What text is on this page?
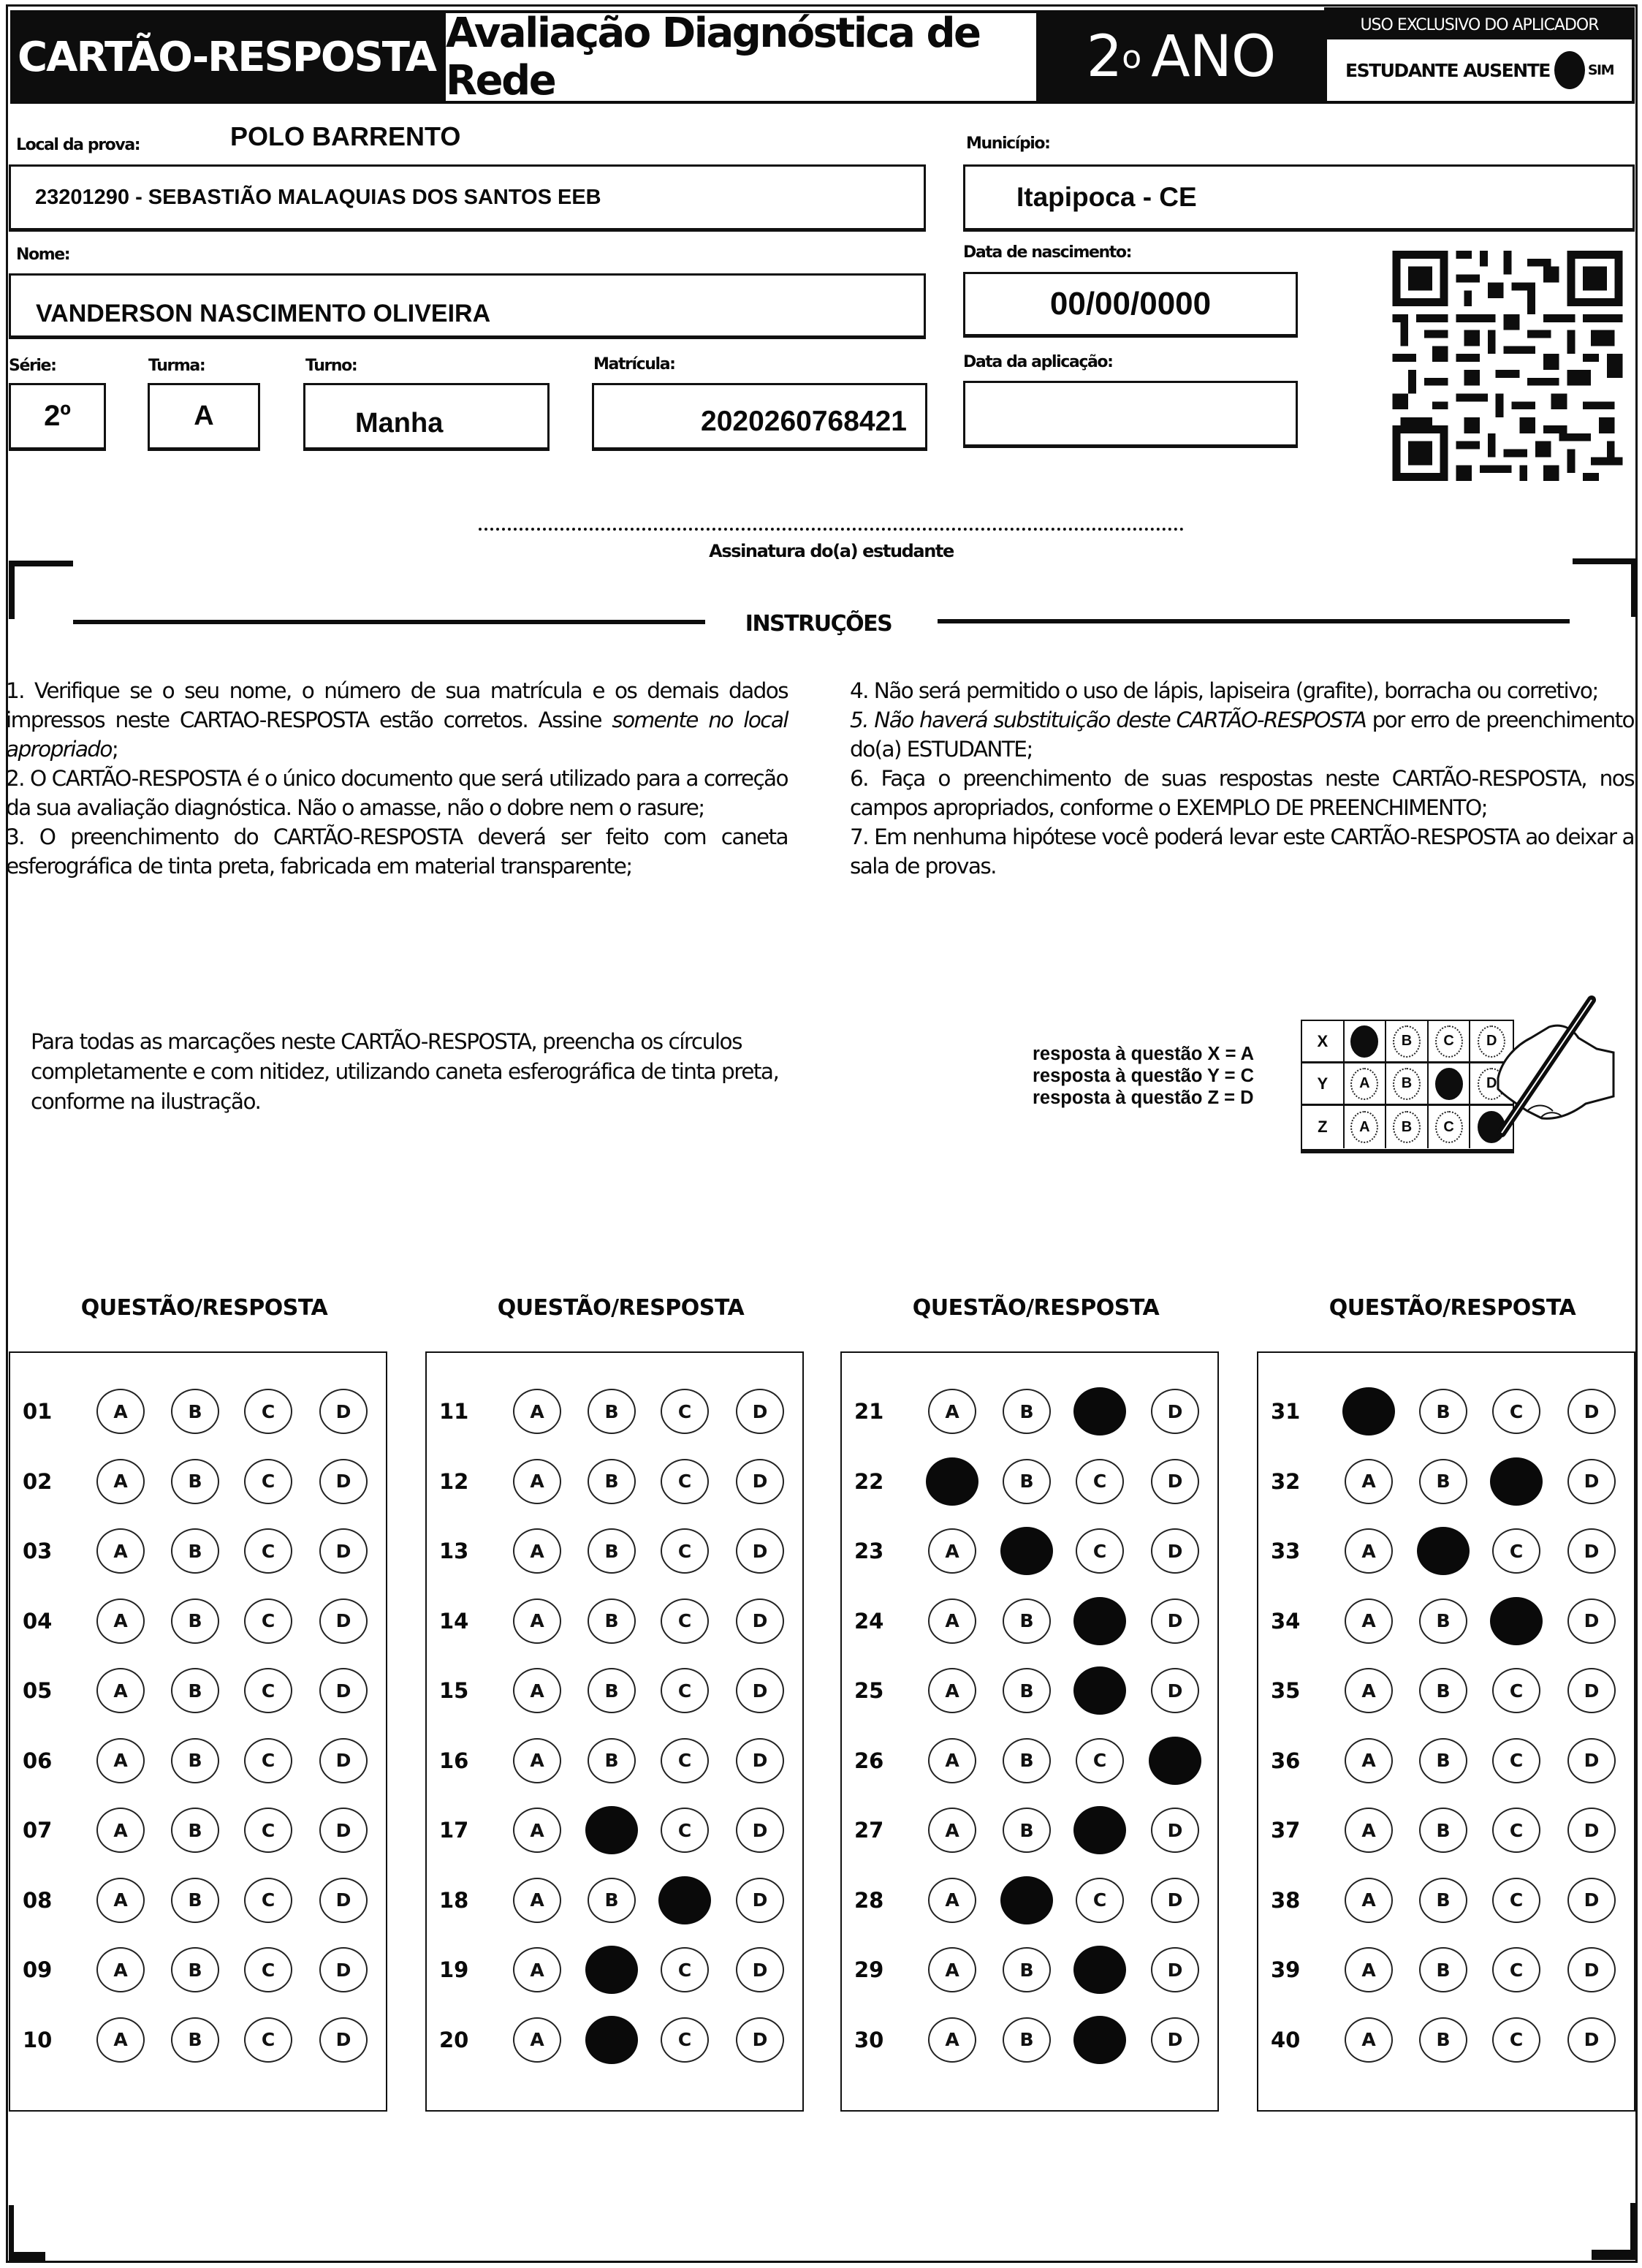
CARTÃO-RESPOSTA Avaliação Diagnóstica de Rede	2 o ANO	USO EXCLUSIVO DO APLICADOR
ESTUDANTE AUSENTE	SIM
Local da prova:	POLO BARRENTO
23201290 - SEBASTIÃO MALAQUIAS DOS SANTOS EEB
Município:
Itapipoca - CE
Nome:
VANDERSON NASCIMENTO OLIVEIRA
Data de nascimento:
00/00/0000
Data da aplicação:
Série:
2º
Turma:
A
Turno:
Manha
Matrícula:
2020260768421
Assinatura do(a) estudante
INSTRUÇÕES

1. Verifique se o seu nome, o número de sua matrícula e os demais dados impressos neste CARTAO-RESPOSTA estão corretos. Assine somente no local apropriado;

2. O CARTÃO-RESPOSTA é o único documento que será utilizado para a correção da sua avaliação diagnóstica. Não o amasse, não o dobre nem o rasure;

3. O preenchimento do CARTÃO-RESPOSTA deverá ser feito com caneta esferográfica de tinta preta, fabricada em material transparente;

4. Não será permitido o uso de lápis, lapiseira (grafite), borracha ou corretivo;

5. Não haverá substituição deste CARTÃO-RESPOSTA por erro de preenchimento do(a) ESTUDANTE;

6. Faça o preenchimento de suas respostas neste CARTÃO-RESPOSTA, nos campos apropriados, conforme o EXEMPLO DE PREENCHIMENTO;

7. Em nenhuma hipótese você poderá levar este CARTÃO-RESPOSTA ao deixar a sala de provas.

Para todas as marcações neste CARTÃO-RESPOSTA, preencha os círculos completamente e com nitidez, utilizando caneta esferográfica de tinta preta, conforme na ilustração.
resposta à questão X = A
resposta à questão Y = C
resposta à questão Z = D
X	B	C	D
Y	A	B	D
Z	A	B	C
QUESTÃO/RESPOSTA
01	A	B	C	D
02	A	B	C	D
03	A	B	C	D
04	A	B	C	D
05	A	B	C	D
06	A	B	C	D
07	A	B	C	D
08	A	B	C	D
09	A	B	C	D
10	A	B	C	D
QUESTÃO/RESPOSTA
11	A	B	C	D
12	A	B	C	D
13	A	B	C	D
14	A	B	C	D
15	A	B	C	D
16	A	B	C	D
17	A	C	D
18	A	B	D
19	A	C	D
20	A	C	D
QUESTÃO/RESPOSTA
21	A	B	D
22	B	C	D
23	A	C	D
24	A	B	D
25	A	B	D
26	A	B	C
27	A	B	D
28	A	C	D
29	A	B	D
30	A	B	D
QUESTÃO/RESPOSTA
31	B	C	D
32	A	B	D
33	A	C	D
34	A	B	D
35	A	B	C	D
36	A	B	C	D
37	A	B	C	D
38	A	B	C	D
39	A	B	C	D
40	A	B	C	D
